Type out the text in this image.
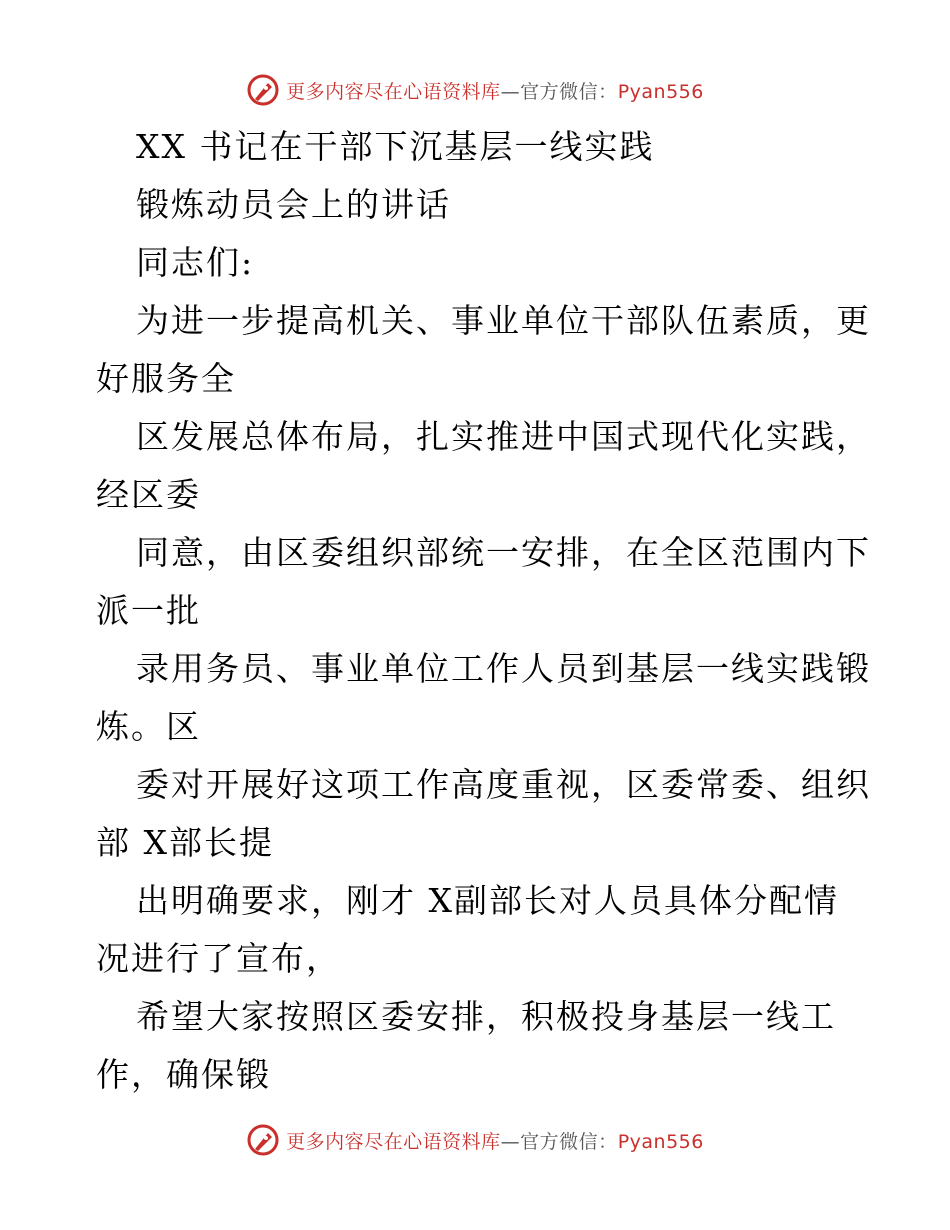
更多内容尽在心语资料库—官方微信：Pyan556
XX 书记在干部下沉基层一线实践
锻炼动员会上的讲话
同志们:
为进一步提高机关、事业单位干部队伍素质，更
好服务全
区发展总体布局，扎实推进中国式现代化实践，
经区委
同意，由区委组织部统一安排，在全区范围内下
派一批
录用务员、事业单位工作人员到基层一线实践锻
炼。区
委对开展好这项工作高度重视，区委常委、组织
部 X部长提
出明确要求，刚才 X副部长对人员具体分配情
况进行了宣布，
希望大家按照区委安排，积极投身基层一线工
作，确保锻
更多内容尽在心语资料库—官方微信：Pyan556
